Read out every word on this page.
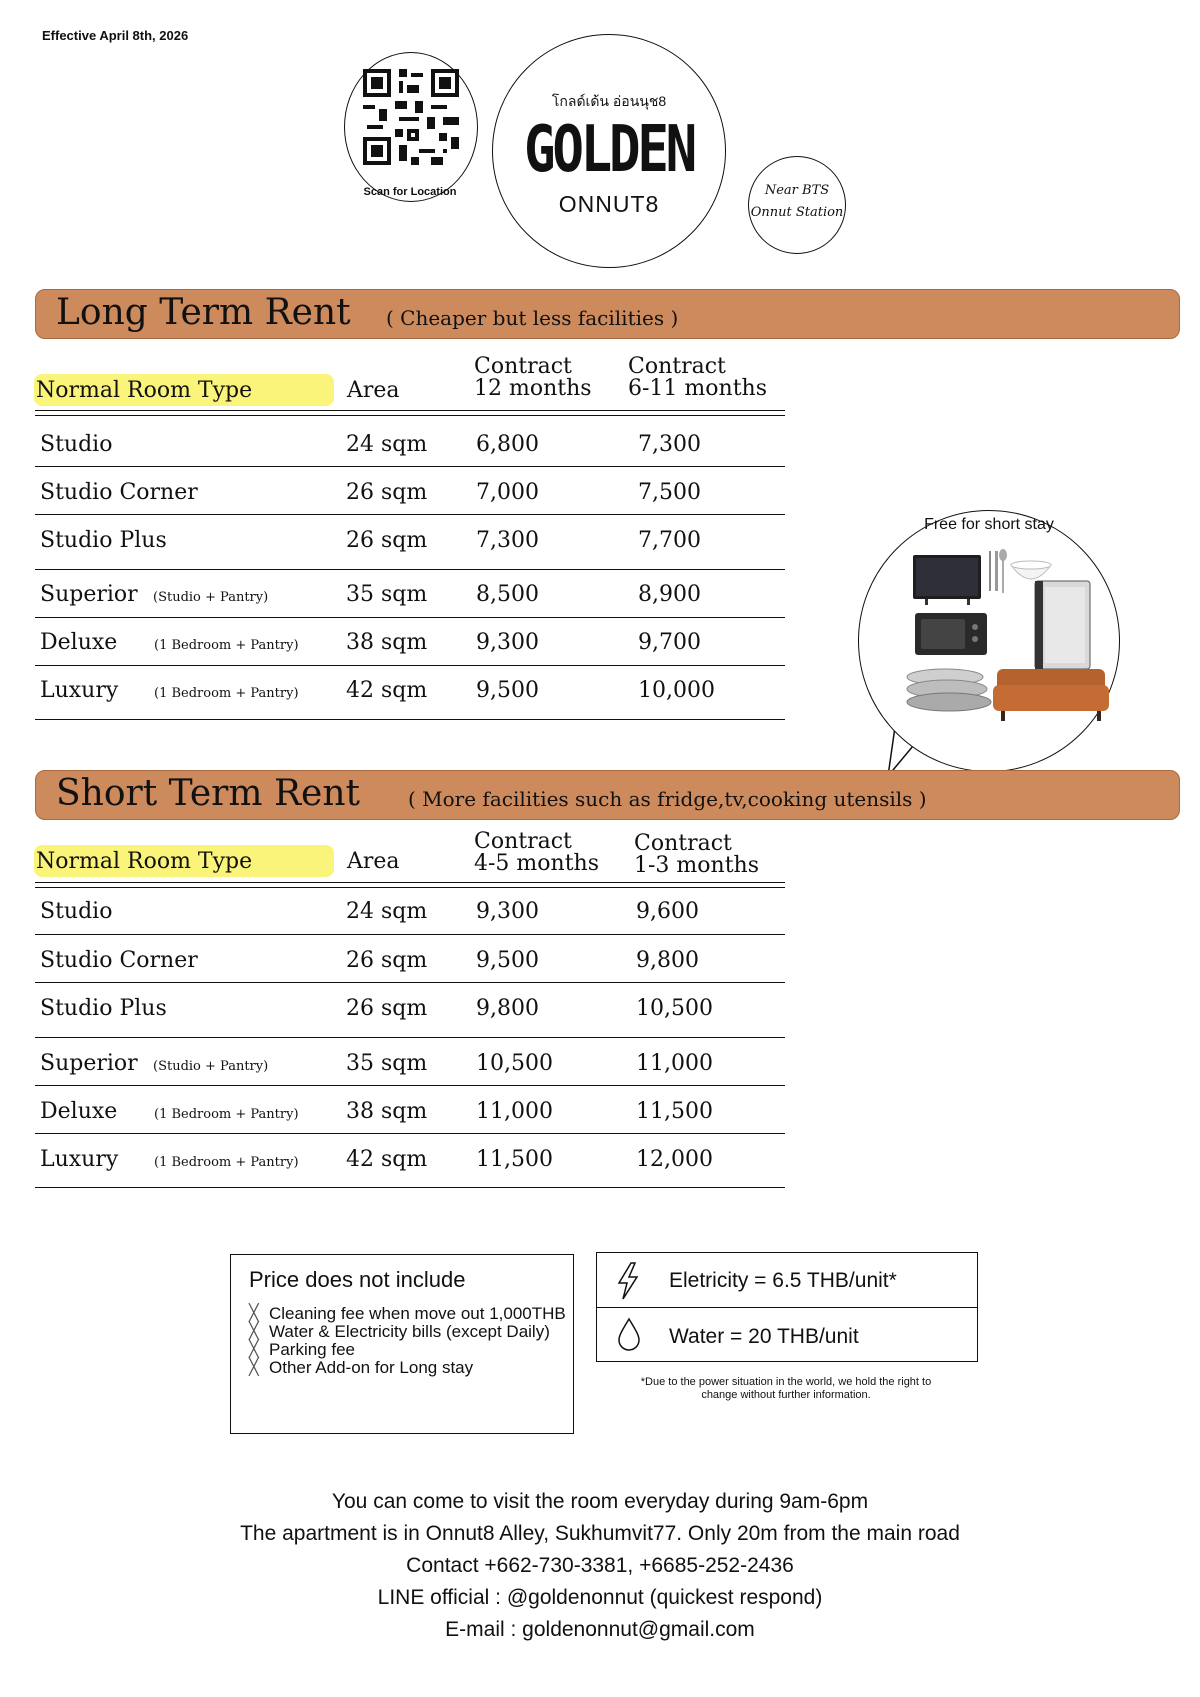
Effective April 8th, 2026
Scan for Location
โกลด์เด้น อ่อนนุช8
GOLDEN
ONNUT8
Near BTS
Onnut Station
Long Term Rent ( Cheaper but less facilities )
Normal Room Type	Area
Contract
12 months
Contract
6-11 months
Studio	24 sqm 6,800	7,300
Studio Corner	26 sqm 7,000	7,500
Studio Plus	26 sqm 7,300	7,700
Superior (Studio + Pantry)	35 sqm 8,500	8,900
Deluxe	(1 Bedroom + Pantry) 38 sqm 9,300	9,700
Luxury	(1 Bedroom + Pantry) 42 sqm 9,500	10,000
Free for short stay
Short Term Rent ( More facilities such as fridge,tv,cooking utensils )
Normal Room Type	Area
Contract
4-5 months
Contract
1-3 months
Studio	24 sqm 9,300	9,600
Studio Corner	26 sqm 9,500	9,800
Studio Plus	26 sqm 9,800	10,500
Superior (Studio + Pantry)	35 sqm 10,500	11,000
Deluxe	(1 Bedroom + Pantry) 38 sqm 11,000	11,500
Luxury	(1 Bedroom + Pantry) 42 sqm 11,500	12,000
Price does not include
╳ Cleaning fee when move out 1,000THB
╳ Water & Electricity bills (except Daily)
╳ Parking fee
╳ Other Add-on for Long stay
Eletricity = 6.5 THB/unit*
Water = 20 THB/unit
*Due to the power situation in the world, we hold the right to
change without further information.
You can come to visit the room everyday during 9am-6pm
The apartment is in Onnut8 Alley, Sukhumvit77. Only 20m from the main road
Contact +662-730-3381, +6685-252-2436
LINE official : @goldenonnut (quickest respond)
E-mail : goldenonnut@gmail.com
